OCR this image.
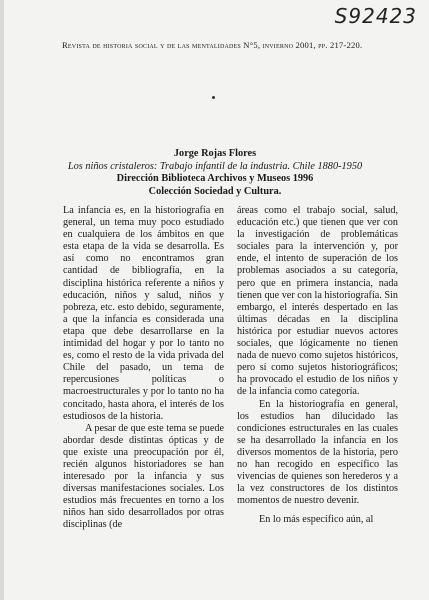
S92423
Revista de historia social y de las mentalidades N°5, invierno 2001, pp. 217-220.
Jorge Rojas Flores
Los niños cristaleros: Trabajo infantil de la industria. Chile 1880-1950
Dirección Biblioteca Archivos y Museos 1996
Colección Sociedad y Cultura.

La infancia es, en la historiografía en general, un tema muy poco estudiado en cualquiera de los ámbitos en que esta etapa de la vida se desarrolla. Es así como no encontramos gran cantidad de bibliografía, en la disciplina histórica referente a niños y educación, niños y salud, niños y pobreza, etc. esto debido, seguramente, a que la infancia es considerada una etapa que debe desarrollarse en la intimidad del hogar y por lo tanto no es, como el resto de la vida privada del Chile del pasado, un tema de repercusiones políticas o macroestructurales y por lo tanto no ha concitado, hasta ahora, el interés de los estudiosos de la historia.

A pesar de que este tema se puede abordar desde distintas ópticas y de que existe una preocupación por él, recién algunos historiadores se han interesado por la infancia y sus diversas manifestaciones sociales. Los estudios más frecuentes en torno a los niños han sido desarrollados por otras disciplinas (de

áreas como el trabajo social, salud, educación etc.) que tienen que ver con la investigación de problemáticas sociales para la intervención y, por ende, el intento de superación de los problemas asociados a su categoría, pero que en primera instancia, nada tienen que ver con la historiografía. Sin embargo, el interés despertado en las últimas décadas en la disciplina histórica por estudiar nuevos actores sociales, que lógicamente no tienen nada de nuevo como sujetos históricos, pero sí como sujetos historiográficos; ha provocado el estudio de los niños y de la infancia como categoría.

En la historiografía en general, los estudios han dilucidado las condiciones estructurales en las cuales se ha desarrollado la infancia en los diversos momentos de la historia, pero no han recogido en específico las vivencias de quienes son herederos y a la vez constructores de los distintos momentos de nuestro devenir.

En lo más específico aún, al
